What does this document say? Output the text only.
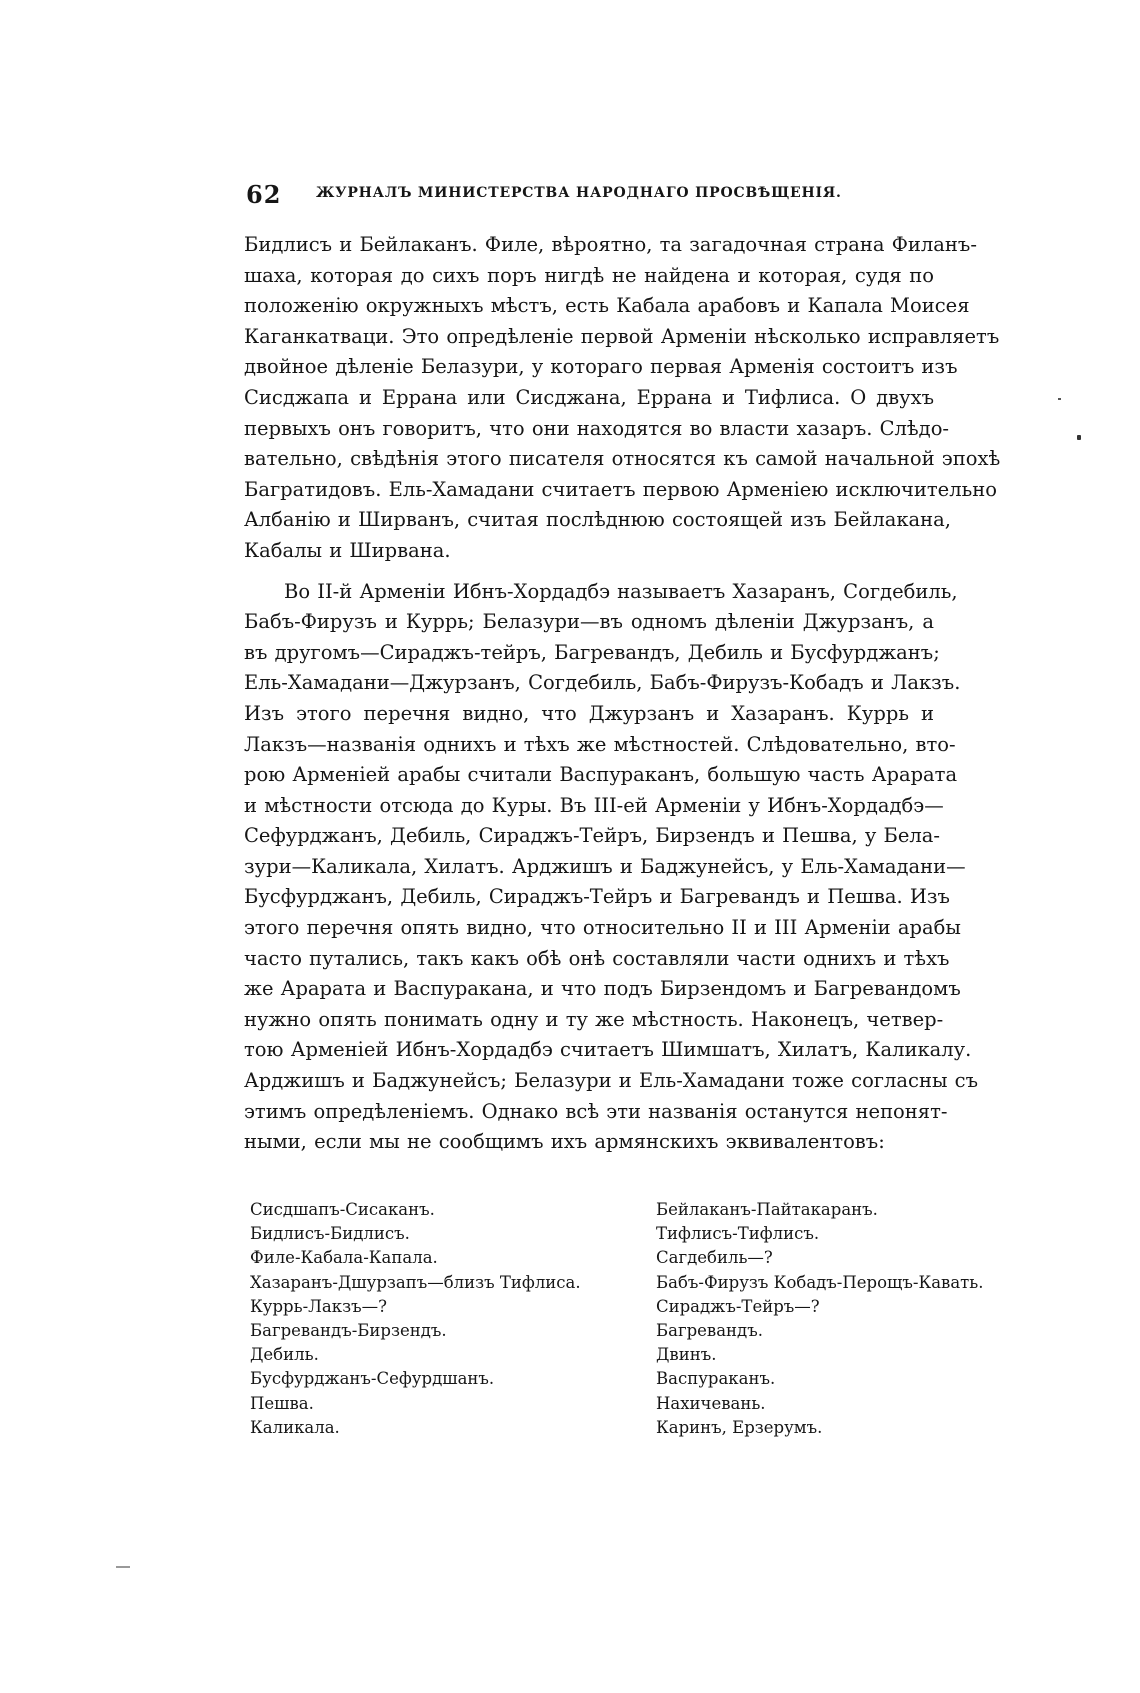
62 ЖУРНАЛЪ МИНИСТЕРСТВА НАРОДНАГО ПРОСВѢЩЕНІЯ.
Бидлисъ и Бейлаканъ. Филе, вѣроятно, та загадочная страна Филанъ-
шаха, которая до сихъ поръ нигдѣ не найдена и которая, судя по
положенію окружныхъ мѣстъ, есть Кабала арабовъ и Капала Моисея
Каганкатваци. Это опредѣленіе первой Арменіи нѣсколько исправляетъ
двойное дѣленіе Белазури, у котораго первая Арменія состоитъ изъ
Сисджапа и Еррана или Сисджана, Еррана и Тифлиса. О двухъ
первыхъ онъ говоритъ, что они находятся во власти хазаръ. Слѣдо-
вательно, свѣдѣнія этого писателя относятся къ самой начальной эпохѣ
Багратидовъ. Ель-Хамадани считаетъ первою Арменіею исключительно
Албанію и Ширванъ, считая послѣднюю состоящей изъ Бейлакана,
Кабалы и Ширвана.
Во II-й Арменіи Ибнъ-Хордадбэ называетъ Хазаранъ, Согдебиль,
Бабъ-Фирузъ и Куррь; Белазури—въ одномъ дѣленіи Джурзанъ, а
въ другомъ—Сираджъ-тейръ, Багревандъ, Дебиль и Бусфурджанъ;
Ель-Хамадани—Джурзанъ, Согдебиль, Бабъ-Фирузъ-Кобадъ и Лакзъ.
Изъ этого перечня видно, что Джурзанъ и Хазаранъ. Куррь и
Лакзъ—названія однихъ и тѣхъ же мѣстностей. Слѣдовательно, вто-
рою Арменіей арабы считали Васпураканъ, большую часть Арарата
и мѣстности отсюда до Куры. Въ III-ей Арменіи у Ибнъ-Хордадбэ—
Сефурджанъ, Дебиль, Сираджъ-Тейръ, Бирзендъ и Пешва, у Бела-
зури—Каликала, Хилатъ. Арджишъ и Баджунейсъ, у Ель-Хамадани—
Бусфурджанъ, Дебиль, Сираджъ-Тейръ и Багревандъ и Пешва. Изъ
этого перечня опять видно, что относительно II и III Арменіи арабы
часто путались, такъ какъ обѣ онѣ составляли части однихъ и тѣхъ
же Арарата и Васпуракана, и что подъ Бирзендомъ и Багревандомъ
нужно опять понимать одну и ту же мѣстность. Наконецъ, четвер-
тою Арменіей Ибнъ-Хордадбэ считаетъ Шимшатъ, Хилатъ, Каликалу.
Арджишъ и Баджунейсъ; Белазури и Ель-Хамадани тоже согласны съ
этимъ опредѣленіемъ. Однако всѣ эти названія останутся непонят-
ными, если мы не сообщимъ ихъ армянскихъ эквивалентовъ:
Сисдшапъ-Сисаканъ.	Бейлаканъ-Пайтакаранъ.
Бидлисъ-Бидлисъ.	Тифлисъ-Тифлисъ.
Филе-Кабала-Капала.	Сагдебиль—?
Хазаранъ-Дшурзапъ—близъ Тифлиса.	Бабъ-Фирузъ Кобадъ-Перощъ-Кавать.
Куррь-Лакзъ—?	Сираджъ-Тейръ—?
Багревандъ-Бирзендъ.	Багревандъ.
Дебиль.	Двинъ.
Бусфурджанъ-Сефурдшанъ.	Васпураканъ.
Пешва.	Нахичевань.
Каликала.	Каринъ, Ерзерумъ.
